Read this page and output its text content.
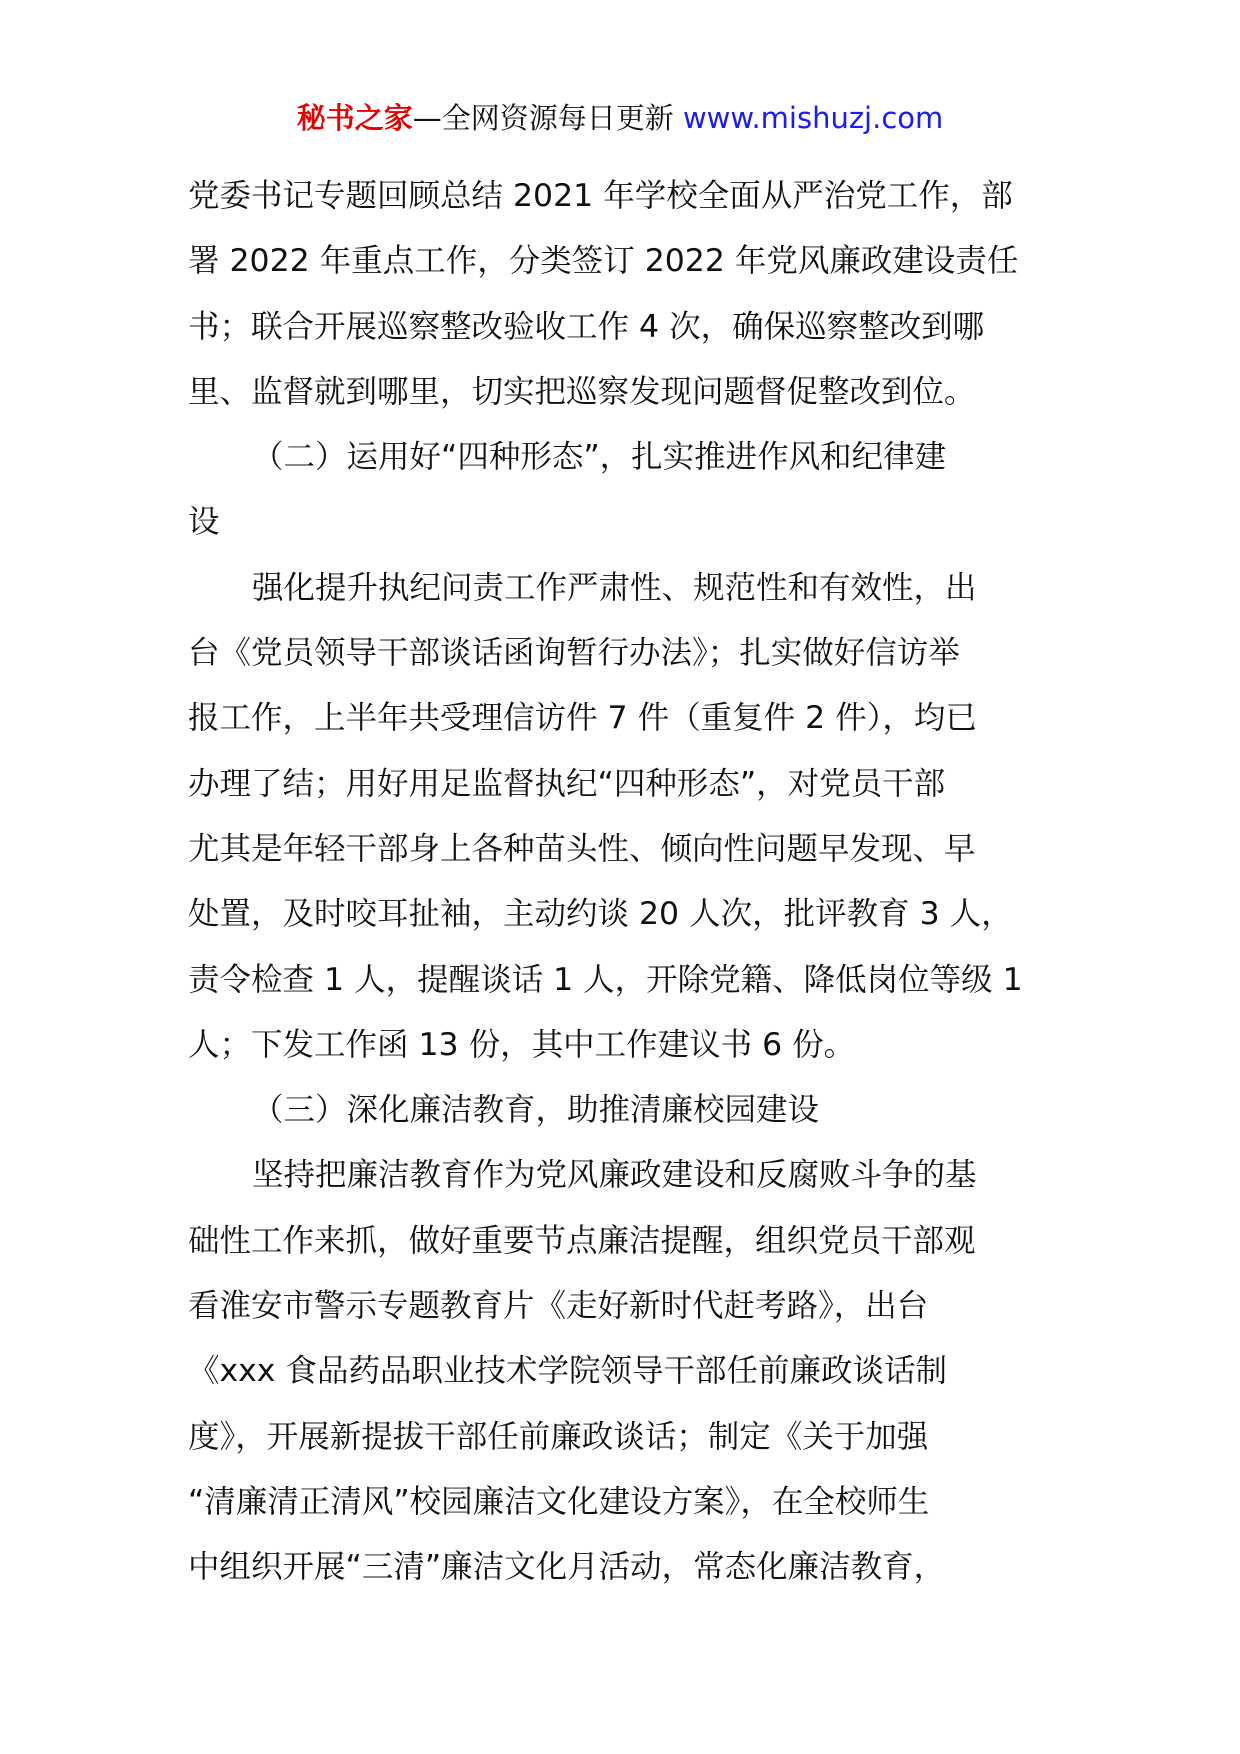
秘书之家—全网资源每日更新 www.mishuzj.com
党委书记专题回顾总结 2021 年学校全面从严治党工作，部
署 2022 年重点工作，分类签订 2022 年党风廉政建设责任
书；联合开展巡察整改验收工作 4 次，确保巡察整改到哪
里、监督就到哪里，切实把巡察发现问题督促整改到位。
（二）运用好“四种形态”，扎实推进作风和纪律建
设
强化提升执纪问责工作严肃性、规范性和有效性，出
台《党员领导干部谈话函询暂行办法》；扎实做好信访举
报工作，上半年共受理信访件 7 件（重复件 2 件），均已
办理了结；用好用足监督执纪“四种形态”，对党员干部
尤其是年轻干部身上各种苗头性、倾向性问题早发现、早
处置，及时咬耳扯袖，主动约谈 20 人次，批评教育 3 人，
责令检查 1 人，提醒谈话 1 人，开除党籍、降低岗位等级 1
人；下发工作函 13 份，其中工作建议书 6 份。
（三）深化廉洁教育，助推清廉校园建设
坚持把廉洁教育作为党风廉政建设和反腐败斗争的基
础性工作来抓，做好重要节点廉洁提醒，组织党员干部观
看淮安市警示专题教育片《走好新时代赶考路》，出台
《xxx 食品药品职业技术学院领导干部任前廉政谈话制
度》，开展新提拔干部任前廉政谈话；制定《关于加强
“清廉清正清风”校园廉洁文化建设方案》，在全校师生
中组织开展“三清”廉洁文化月活动，常态化廉洁教育，
